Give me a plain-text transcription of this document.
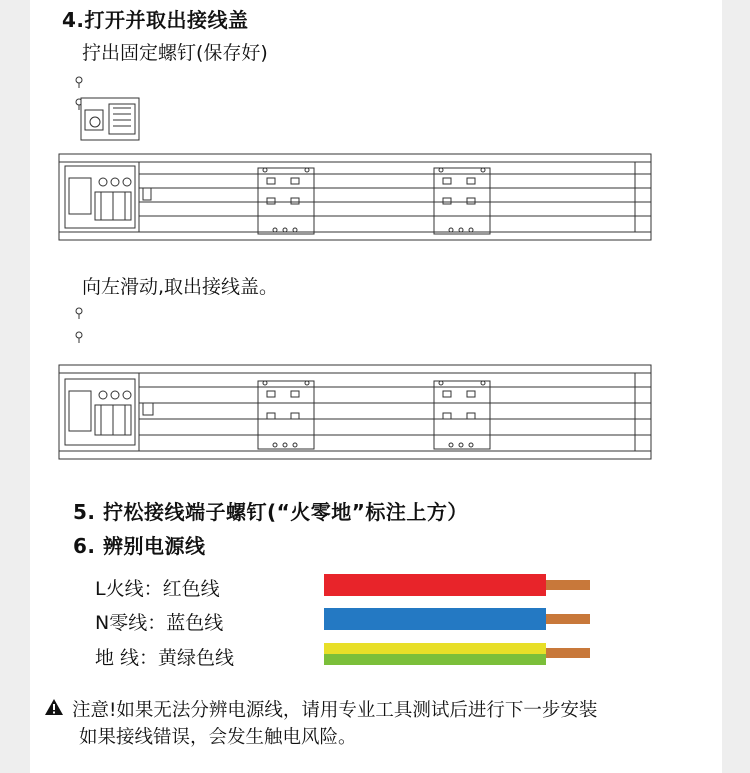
4.打开并取出接线盖
拧出固定螺钉(保存好)
向左滑动,取出接线盖。
5. 拧松接线端子螺钉(“火零地”标注上方）
6. 辨别电源线
L火线：红色线
N零线：蓝色线
地 线：黄绿色线
注意!如果无法分辨电源线，请用专业工具测试后进行下一步安装
如果接线错误，会发生触电风险。
